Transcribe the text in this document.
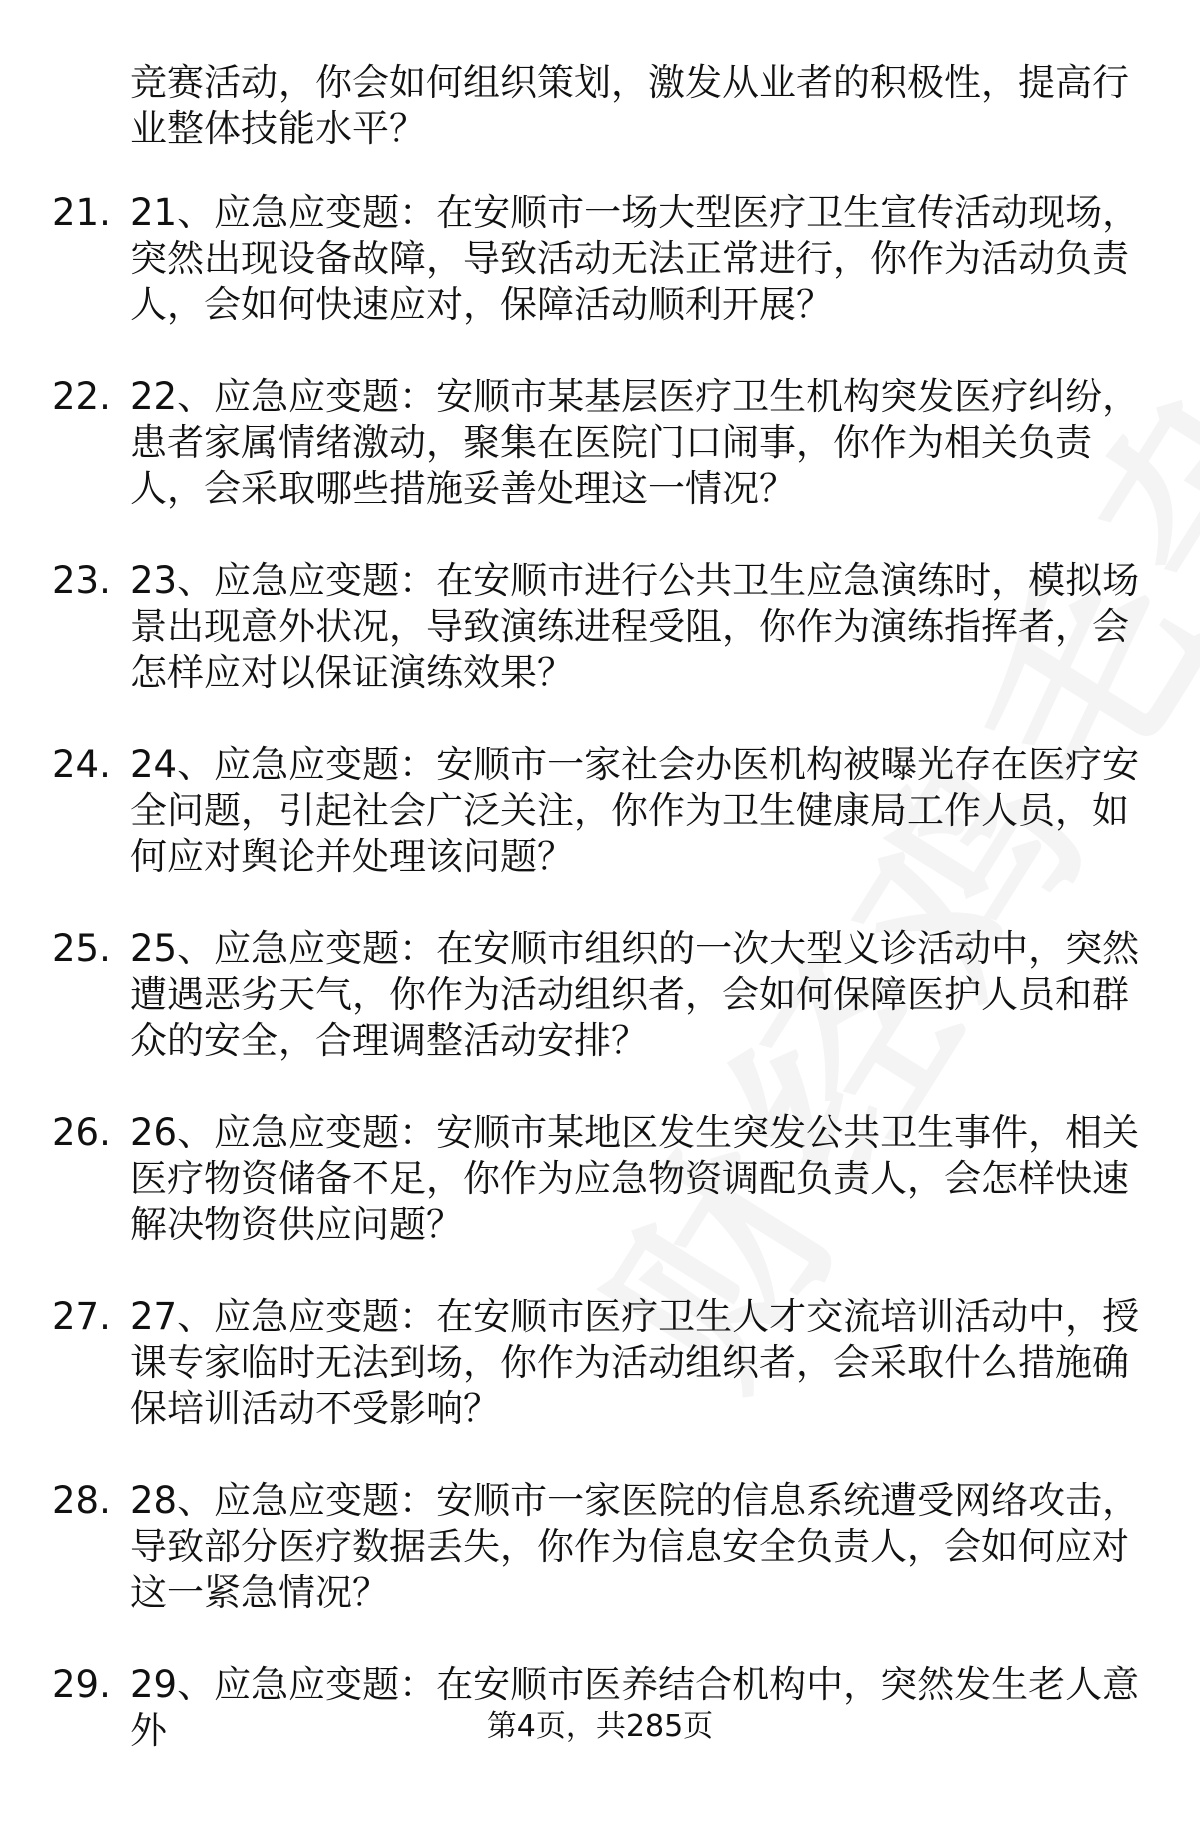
竞赛活动，你会如何组织策划，激发从业者的积极性，提高行业整体技能水平？
21. 21、应急应变题：在安顺市一场大型医疗卫生宣传活动现场，突然出现设备故障，导致活动无法正常进行，你作为活动负责人，会如何快速应对，保障活动顺利开展？
22. 22、应急应变题：安顺市某基层医疗卫生机构突发医疗纠纷，患者家属情绪激动，聚集在医院门口闹事，你作为相关负责人，会采取哪些措施妥善处理这一情况？
23. 23、应急应变题：在安顺市进行公共卫生应急演练时，模拟场景出现意外状况，导致演练进程受阻，你作为演练指挥者，会怎样应对以保证演练效果？
24. 24、应急应变题：安顺市一家社会办医机构被曝光存在医疗安全问题，引起社会广泛关注，你作为卫生健康局工作人员，如何应对舆论并处理该问题？
25. 25、应急应变题：在安顺市组织的一次大型义诊活动中，突然遭遇恶劣天气，你作为活动组织者，会如何保障医护人员和群众的安全，合理调整活动安排？
26. 26、应急应变题：安顺市某地区发生突发公共卫生事件，相关医疗物资储备不足，你作为应急物资调配负责人，会怎样快速解决物资供应问题？
27. 27、应急应变题：在安顺市医疗卫生人才交流培训活动中，授课专家临时无法到场，你作为活动组织者，会采取什么措施确保培训活动不受影响？
28. 28、应急应变题：安顺市一家医院的信息系统遭受网络攻击，导致部分医疗数据丢失，你作为信息安全负责人，会如何应对这一紧急情况？
29. 29、应急应变题：在安顺市医养结合机构中，突然发生老人意外	第4页，共285页
